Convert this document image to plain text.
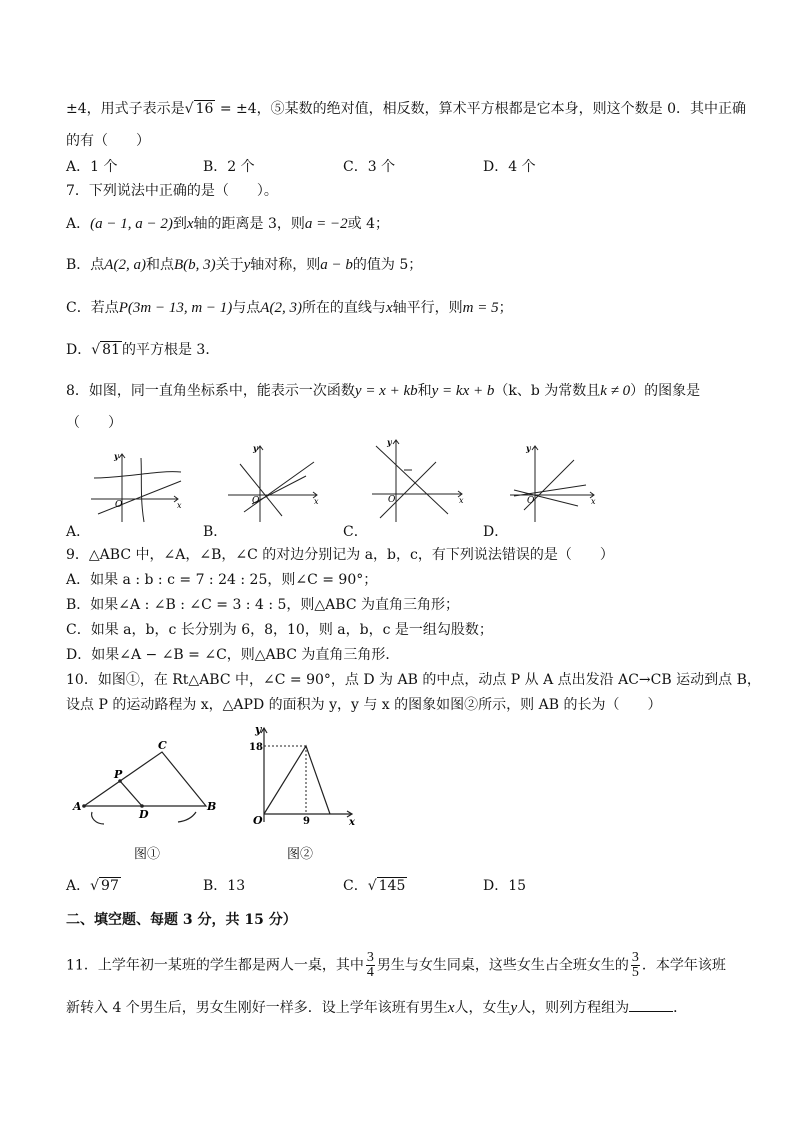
±4，用式子表示是√ 16 = ±4，⑤某数的绝对值，相反数，算术平方根都是它本身，则这个数是 0．其中正确
的有（　　）
A．1 个	B．2 个	C．3 个	D．4 个
7．下列说法中正确的是（　　）。
A．(a − 1, a − 2)到x轴的距离是 3，则a = −2或 4；
B．点A(2, a)和点B(b, 3)关于y轴对称，则a − b的值为 5；
C．若点P(3m − 13, m − 1)与点A(2, 3)所在的直线与x轴平行，则m = 5；
D．√ 81 的平方根是 3．
8．如图，同一直角坐标系中，能表示一次函数y = x + kb和y = kx + b（k、b 为常数且k ≠ 0）的图象是
（　　）
y
O	x
A．
y
O	x
B．
y
O	x
C．
y
O	x
D．
9．△ABC 中，∠A，∠B，∠C 的对边分别记为 a，b，c，有下列说法错误的是（　　）
A．如果 a : b : c = 7 : 24 : 25，则∠C = 90°；
B．如果∠A : ∠B : ∠C = 3 : 4 : 5，则△ABC 为直角三角形；
C．如果 a，b，c 长分别为 6，8，10，则 a，b，c 是一组勾股数；
D．如果∠A − ∠B = ∠C，则△ABC 为直角三角形．
10．如图①，在 Rt△ABC 中，∠C = 90°，点 D 为 AB 的中点，动点 P 从 A 点出发沿 AC→CB 运动到点 B，
设点 P 的运动路程为 x，△APD 的面积为 y，y 与 x 的图象如图②所示，则 AB 的长为（　　）
A
C
B
P
D
图①
y
18
O	9	x
图②
A．√ 97	B．13	C．√ 145	D．15
二、填空题、每题 3 分，共 15 分）
11．上学年初一某班的学生都是两人一桌，其中 $\frac{3}{4}$ 男生与女生同桌，这些女生占全班女生的 $\frac{3}{5}$ ．本学年该班
新转入 4 个男生后，男女生刚好一样多．设上学年该班有男生x人，女生y人，则列方程组为	．
